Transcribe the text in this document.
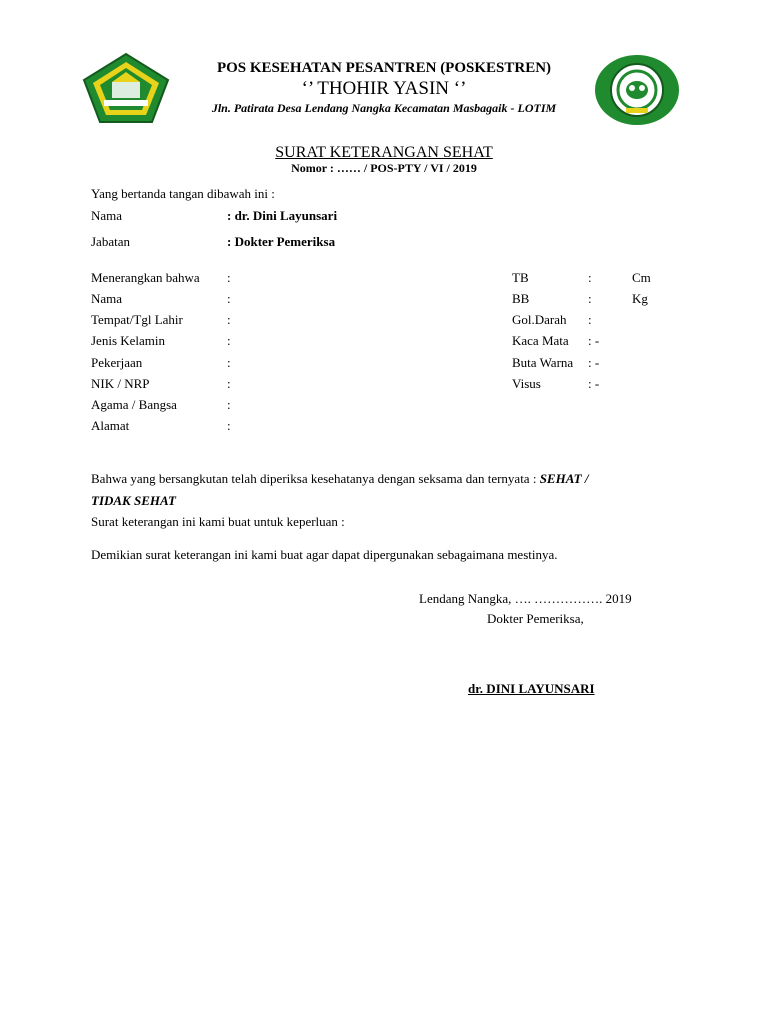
POS KESEHATAN PESANTREN (POSKESTREN)
‘’ THOHIR YASIN ‘’
Jln. Patirata Desa Lendang Nangka Kecamatan Masbagaik - LOTIM
SURAT KETERANGAN SEHAT
Nomor : …… / POS-PTY / VI / 2019
Yang bertanda tangan dibawah ini :
Nama	: dr. Dini Layunsari
Jabatan	: Dokter Pemeriksa
Menerangkan bahwa :
Nama	:
Tempat/Tgl Lahir	:
Jenis Kelamin	:
Pekerjaan	:
NIK / NRP	:
Agama / Bangsa	:
Alamat	:
TB	:	Cm
BB	:	Kg
Gol.Darah :
Kaca Mata : -
Buta Warna : -
Visus	: -
Bahwa yang bersangkutan telah diperiksa kesehatanya dengan seksama dan ternyata : SEHAT /
TIDAK SEHAT
Surat keterangan ini kami buat untuk keperluan :
Demikian surat keterangan ini kami buat agar dapat dipergunakan sebagaimana mestinya.
Lendang Nangka, …. ……………. 2019
Dokter Pemeriksa,
dr. DINI LAYUNSARI
